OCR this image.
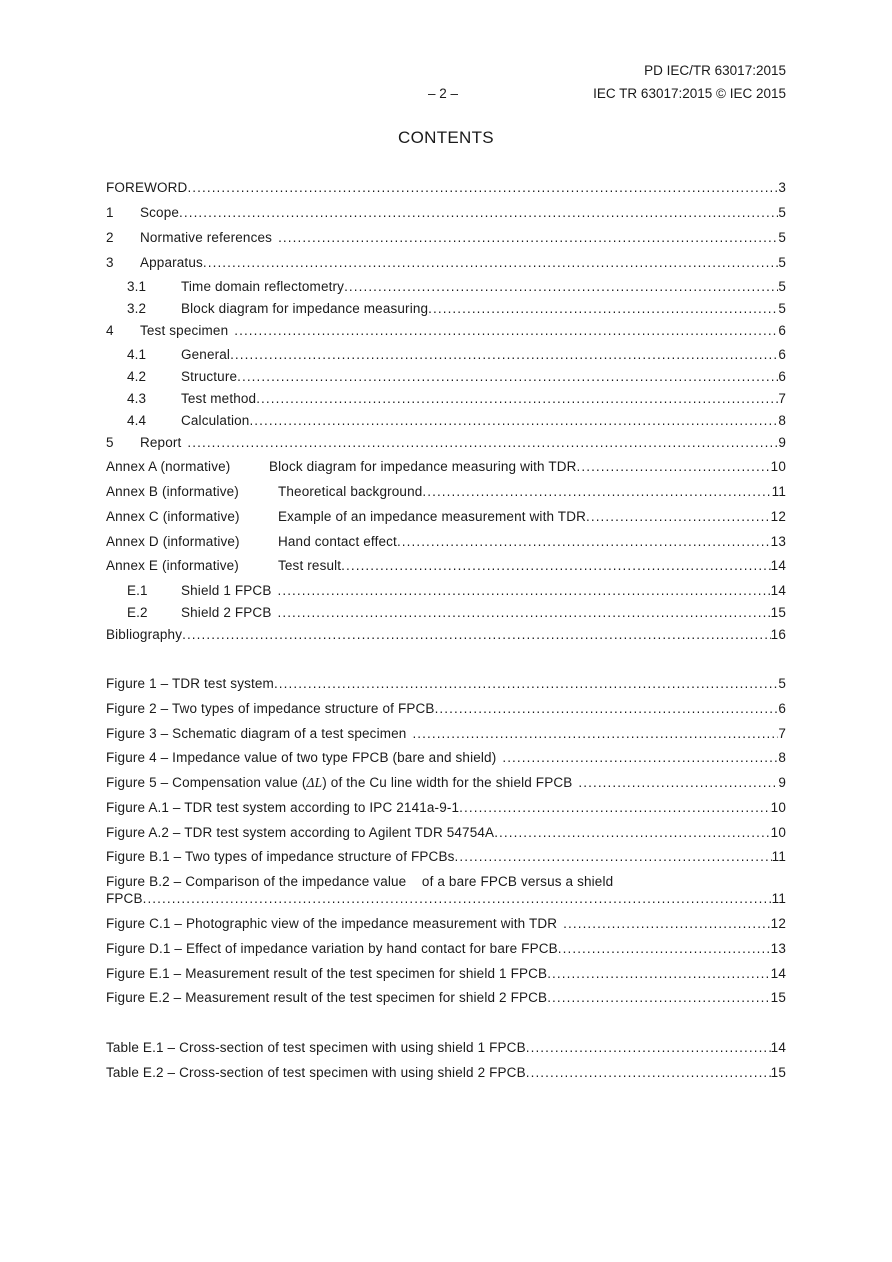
PD IEC/TR 63017:2015
– 2 –	IEC TR 63017:2015 © IEC 2015
CONTENTS
FOREWORD .....	3
1	Scope .....	5
2	Normative references .....	5
3	Apparatus .....	5
3.1	Time domain reflectometry .....	5
3.2	Block diagram for impedance measuring .....	5
4	Test specimen .....	6
4.1	General .....	6
4.2	Structure .....	6
4.3	Test method .....	7
4.4	Calculation .....	8
5	Report .....	9
Annex A (normative)	Block diagram for impedance measuring with TDR .....	10
Annex B (informative)	Theoretical background .....	11
Annex C (informative)	Example of an impedance measurement with TDR .....	12
Annex D (informative)	Hand contact effect .....	13
Annex E (informative)	Test result .....	14
E.1	Shield 1 FPCB .....	14
E.2	Shield 2 FPCB .....	15
Bibliography .....	16
Figure 1 – TDR test system .....	5
Figure 2 – Two types of impedance structure of FPCB .....	6
Figure 3 – Schematic diagram of a test specimen .....	7
Figure 4 – Impedance value of two type FPCB (bare and shield) .....	8
Figure 5 – Compensation value ( ΔL ) of the Cu line width for the shield FPCB .....	9
Figure A.1 – TDR test system according to IPC 2141a-9-1 .....	10
Figure A.2 – TDR test system according to Agilent TDR 54754A .....	10
Figure B.1 – Two types of impedance structure of FPCBs .....	11
Figure B.2 – Comparison of the impedance value    of a bare FPCB versus a shield
FPCB .....	11
Figure C.1 – Photographic view of the impedance measurement with TDR .....	12
Figure D.1 – Effect of impedance variation by hand contact for bare FPCB .....	13
Figure E.1 – Measurement result of the test specimen for shield 1 FPCB .....	14
Figure E.2 – Measurement result of the test specimen for shield 2 FPCB .....	15
Table E.1 – Cross-section of test specimen with using shield 1 FPCB .....	14
Table E.2 – Cross-section of test specimen with using shield 2 FPCB .....	15
